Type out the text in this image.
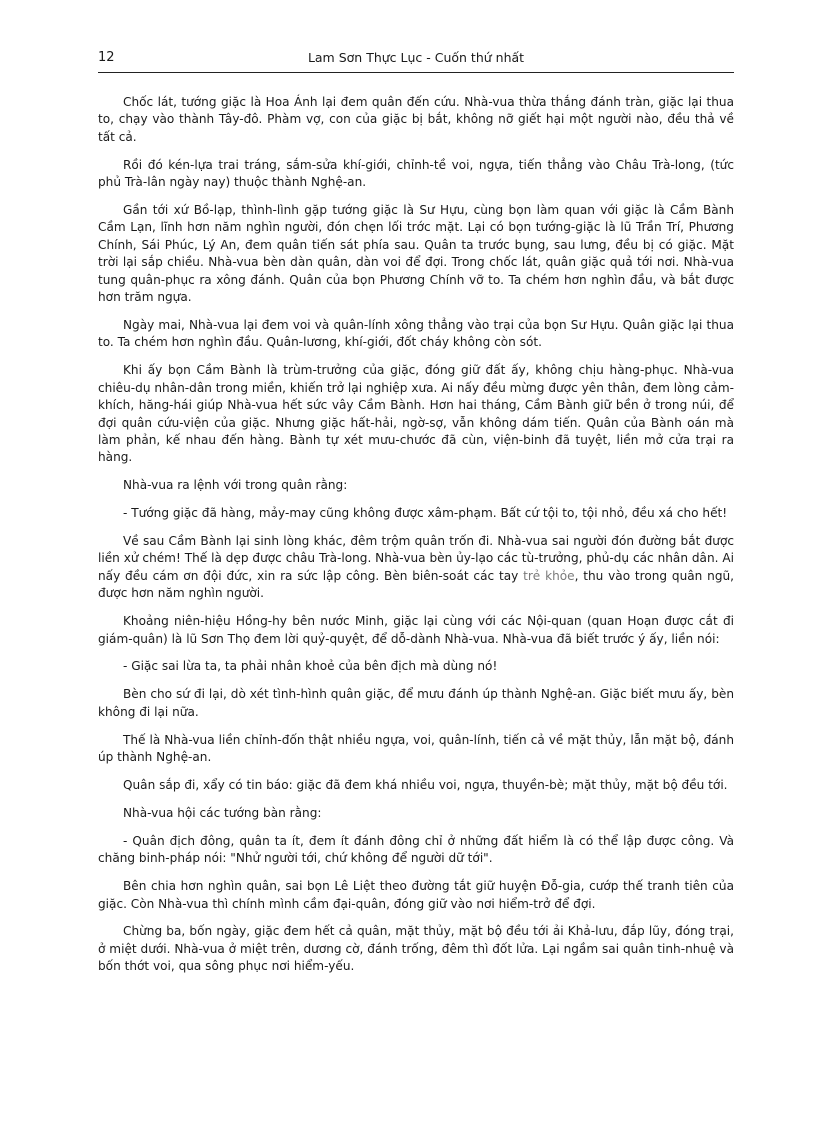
12	Lam Sơn Thực Lục - Cuốn thứ nhất

Chốc lát, tướng giặc là Hoa Ánh lại đem quân đến cứu. Nhà-vua thừa thắng đánh tràn, giặc lại thua to, chạy vào thành Tây-đô. Phàm vợ, con của giặc bị bắt, không nỡ giết hại một người nào, đều thả về tất cả.

Rồi đó kén-lựa trai tráng, sắm-sửa khí-giới, chỉnh-tề voi, ngựa, tiến thẳng vào Châu Trà-long, (tức phủ Trà-lân ngày nay) thuộc thành Nghệ-an.

Gần tới xứ Bồ-lạp, thình-lình gặp tướng giặc là Sư Hựu, cùng bọn làm quan với giặc là Cầm Bành Cầm Lạn, lĩnh hơn năm nghìn người, đón chẹn lối trớc mặt. Lại có bọn tướng-giặc là lũ Trần Trí, Phương Chính, Sái Phúc, Lý An, đem quân tiến sát phía sau. Quân ta trước bụng, sau lưng, đều bị có giặc. Mặt trời lại sắp chiều. Nhà-vua bèn dàn quân, dàn voi để đợi. Trong chốc lát, quân giặc quả tới nơi. Nhà-vua tung quân-phục ra xông đánh. Quân của bọn Phương Chính vỡ to. Ta chém hơn nghìn đầu, và bắt được hơn trăm ngựa.

Ngày mai, Nhà-vua lại đem voi và quân-lính xông thẳng vào trại của bọn Sư Hựu. Quân giặc lại thua to. Ta chém hơn nghìn đầu. Quân-lương, khí-giới, đốt cháy không còn sót.

Khi ấy bọn Cầm Bành là trùm-trưởng của giặc, đóng giữ đất ấy, không chịu hàng-phục. Nhà-vua chiêu-dụ nhân-dân trong miền, khiến trở lại nghiệp xưa. Ai nấy đều mừng được yên thân, đem lòng cảm-khích, hăng-hái giúp Nhà-vua hết sức vây Cầm Bành. Hơn hai tháng, Cầm Bành giữ bền ở trong núi, để đợi quân cứu-viện của giặc. Nhưng giặc hất-hải, ngờ-sợ, vẫn không dám tiến. Quân của Bành oán mà làm phản, kế nhau đến hàng. Bành tự xét mưu-chước đã cùn, viện-binh đã tuyệt, liền mở cửa trại ra hàng.

Nhà-vua ra lệnh với trong quân rằng:

- Tướng giặc đã hàng, mảy-may cũng không được xâm-phạm. Bất cứ tội to, tội nhỏ, đều xá cho hết!

Về sau Cầm Bành lại sinh lòng khác, đêm trộm quân trốn đi. Nhà-vua sai người đón đường bắt được liền xử chém! Thế là dẹp được châu Trà-long. Nhà-vua bèn ủy-lạo các tù-trưởng, phủ-dụ các nhân dân. Ai nấy đều cám ơn đội đức, xin ra sức lập công. Bèn biên-soát các tay trẻ khỏe, thu vào trong quân ngũ, được hơn năm nghìn người.

Khoảng niên-hiệu Hồng-hy bên nước Minh, giặc lại cùng với các Nội-quan (quan Hoạn được cắt đi giám-quân) là lũ Sơn Thọ đem lời quỷ-quyệt, để dỗ-dành Nhà-vua. Nhà-vua đã biết trước ý ấy, liền nói:

- Giặc sai lừa ta, ta phải nhân khoẻ của bên địch mà dùng nó!

Bèn cho sứ đi lại, dò xét tình-hình quân giặc, để mưu đánh úp thành Nghệ-an. Giặc biết mưu ấy, bèn không đi lại nữa.

Thế là Nhà-vua liền chỉnh-đốn thật nhiều ngựa, voi, quân-lính, tiến cả về mặt thủy, lẫn mặt bộ, đánh úp thành Nghệ-an.

Quân sắp đi, xẩy có tin báo: giặc đã đem khá nhiều voi, ngựa, thuyền-bè; mặt thủy, mặt bộ đều tới.

Nhà-vua hội các tướng bàn rằng:

- Quân địch đông, quân ta ít, đem ít đánh đông chỉ ở những đất hiểm là có thể lập được công. Và chăng binh-pháp nói: "Nhử người tới, chứ không để người dữ tới".

Bên chia hơn nghìn quân, sai bọn Lê Liệt theo đường tắt giữ huyện Đỗ-gia, cướp thế tranh tiên của giặc. Còn Nhà-vua thì chính mình cầm đại-quân, đóng giữ vào nơi hiểm-trở để đợi.

Chừng ba, bốn ngày, giặc đem hết cả quân, mặt thủy, mặt bộ đều tới ải Khả-lưu, đắp lũy, đóng trại, ở miệt dưới. Nhà-vua ở miệt trên, dương cờ, đánh trống, đêm thì đốt lửa. Lại ngầm sai quân tinh-nhuệ và bốn thớt voi, qua sông phục nơi hiểm-yếu.
